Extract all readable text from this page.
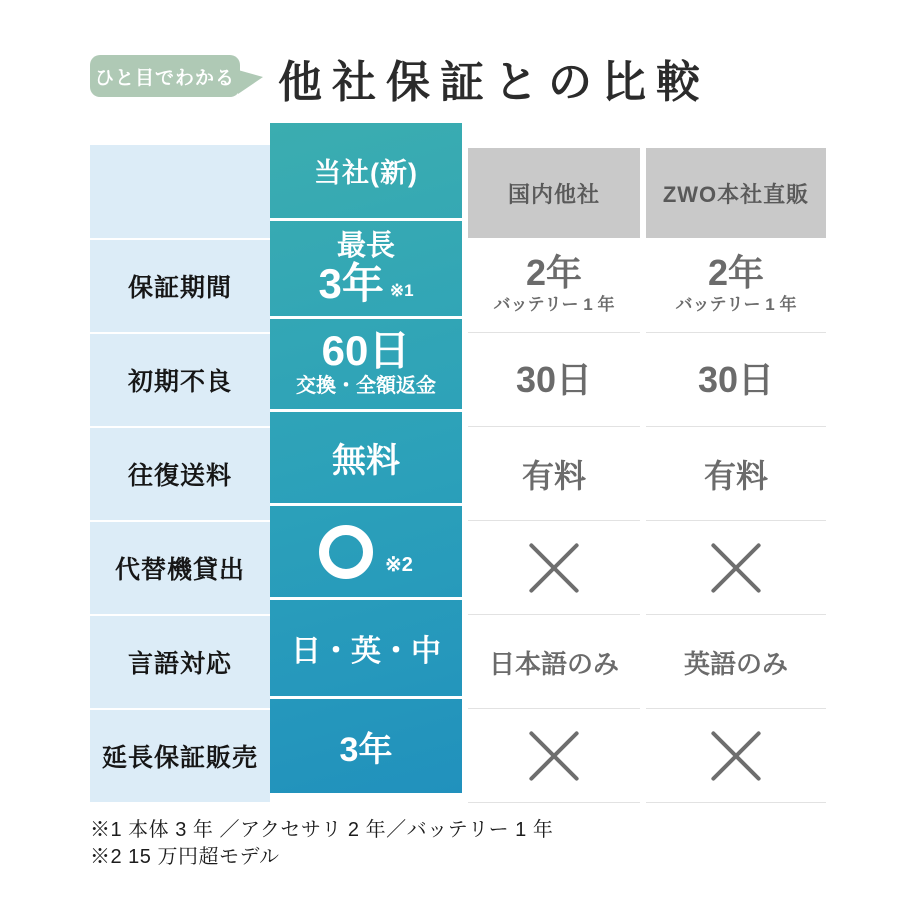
ひと目でわかる 他社保証との比較
保証期間
初期不良
往復送料
代替機貸出
言語対応
延長保証販売
当社(新)
最長
3年 ※1
60日
交換・全額返金
無料
※2
日・英・中
3年
国内他社	ZWO本社直販
2年
バッテリー 1 年
30日
有料
日本語のみ
2年
バッテリー 1 年
30日
有料
英語のみ
※1 本体 3 年 ／アクセサリ 2 年／バッテリー 1 年
※2 15 万円超モデル
